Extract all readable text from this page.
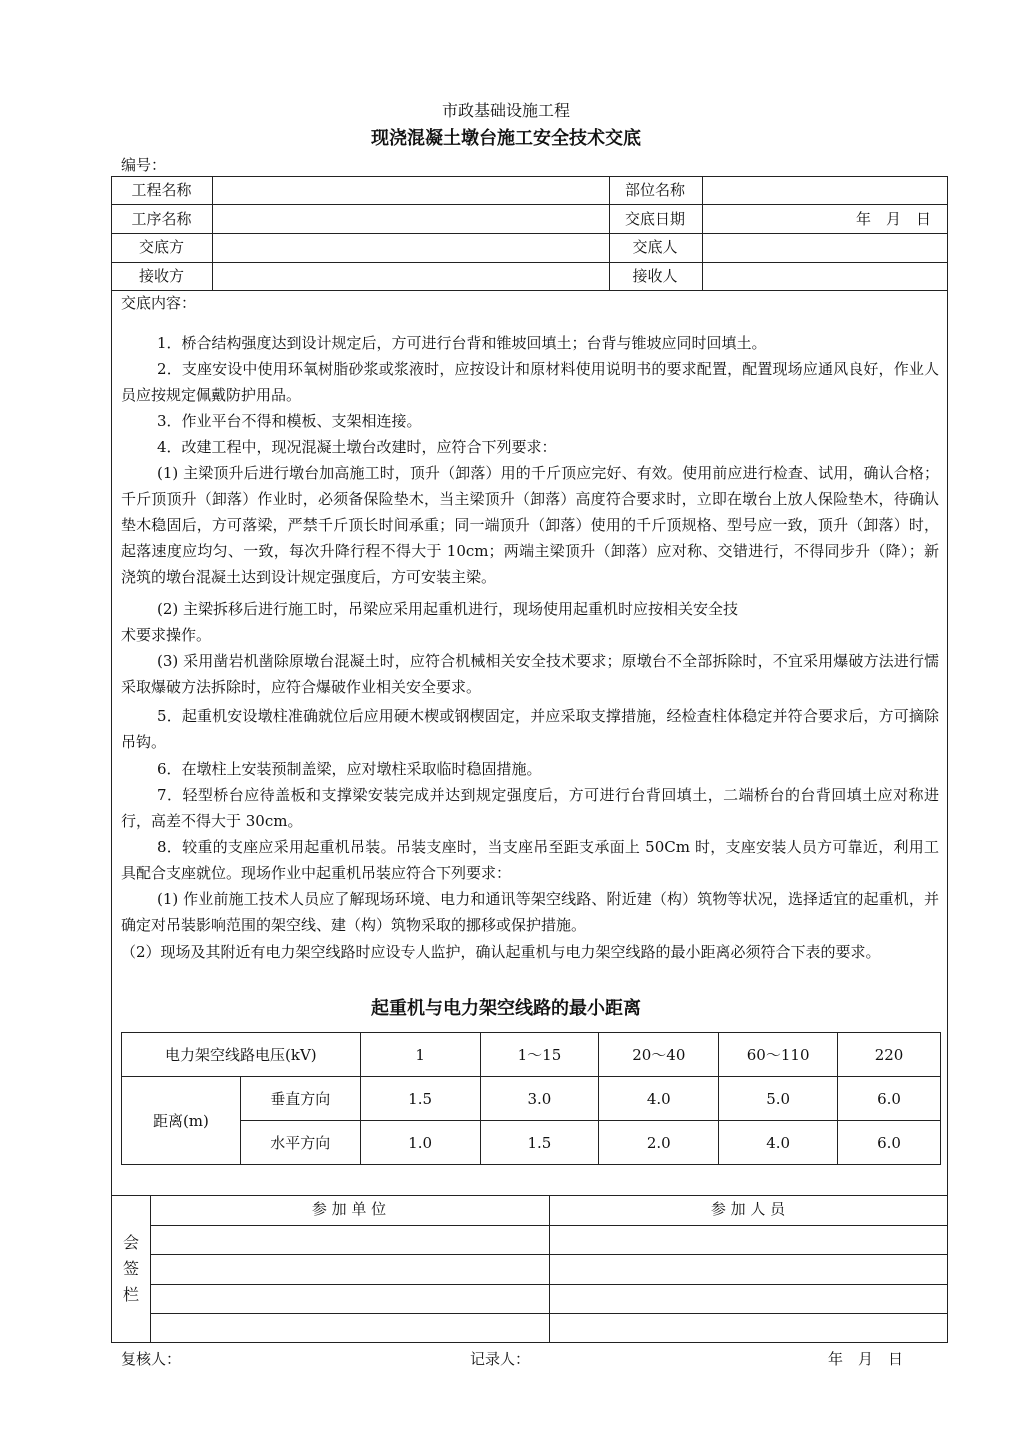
市政基础设施工程
现浇混凝土墩台施工安全技术交底
编号：
工程名称	部位名称
工序名称	交底日期	年　月　日
交底方	交底人
接收方	接收人
交底内容：
1．桥合结构强度达到设计规定后，方可进行台背和锥坡回填土；台背与锥坡应同时回填土。
2．支座安设中使用环氧树脂砂浆或浆液时，应按设计和原材料使用说明书的要求配置，配置现场应通风良好，作业人员应按规定佩戴防护用品。
3．作业平台不得和模板、支架相连接。
4．改建工程中，现况混凝土墩台改建时，应符合下列要求：
(1) 主梁顶升后进行墩台加高施工时，顶升（卸落）用的千斤顶应完好、有效。使用前应进行检查、试用，确认合格；千斤顶顶升（卸落）作业时，必须备保险垫木，当主梁顶升（卸落）高度符合要求时，立即在墩台上放人保险垫木，待确认垫木稳固后，方可落梁，严禁千斤顶长时间承重；同一端顶升（卸落）使用的千斤顶规格、型号应一致，顶升（卸落）时，起落速度应均匀、一致，每次升降行程不得大于 10cm；两端主梁顶升（卸落）应对称、交错进行，不得同步升（降）；新浇筑的墩台混凝土达到设计规定强度后，方可安装主梁。
(2) 主梁拆移后进行施工时，吊梁应采用起重机进行，现场使用起重机时应按相关安全技
术要求操作。
(3) 采用凿岩机凿除原墩台混凝土时，应符合机械相关安全技术要求；原墩台不全部拆除时，不宜采用爆破方法进行懦采取爆破方法拆除时，应符合爆破作业相关安全要求。
5．起重机安设墩柱准确就位后应用硬木楔或钢楔固定，并应采取支撑措施，经检查柱体稳定并符合要求后，方可摘除吊钩。
6．在墩柱上安装预制盖梁，应对墩柱采取临时稳固措施。
7．轻型桥台应待盖板和支撑梁安装完成并达到规定强度后，方可进行台背回填土，二端桥台的台背回填土应对称进行，高差不得大于 30cm。
8．较重的支座应采用起重机吊装。吊装支座时，当支座吊至距支承面上 50Cm 时，支座安装人员方可靠近，利用工具配合支座就位。现场作业中起重机吊装应符合下列要求：
(1) 作业前施工技术人员应了解现场环境、电力和通讯等架空线路、附近建（构）筑物等状况，选择适宜的起重机，并确定对吊装影响范围的架空线、建（构）筑物采取的挪移或保护措施。
（2）现场及其附近有电力架空线路时应设专人监护，确认起重机与电力架空线路的最小距离必须符合下表的要求。
起重机与电力架空线路的最小距离
电力架空线路电压(kV)		1	1～15	20～40	60～110	220
距离(m)	垂直方向	1.5	3.0	4.0	5.0	6.0
	水平方向	1.0	1.5	2.0	4.0	6.0
会
签
栏
参 加 单 位	参 加 人 员
复核人：	记录人：	年　月　日
